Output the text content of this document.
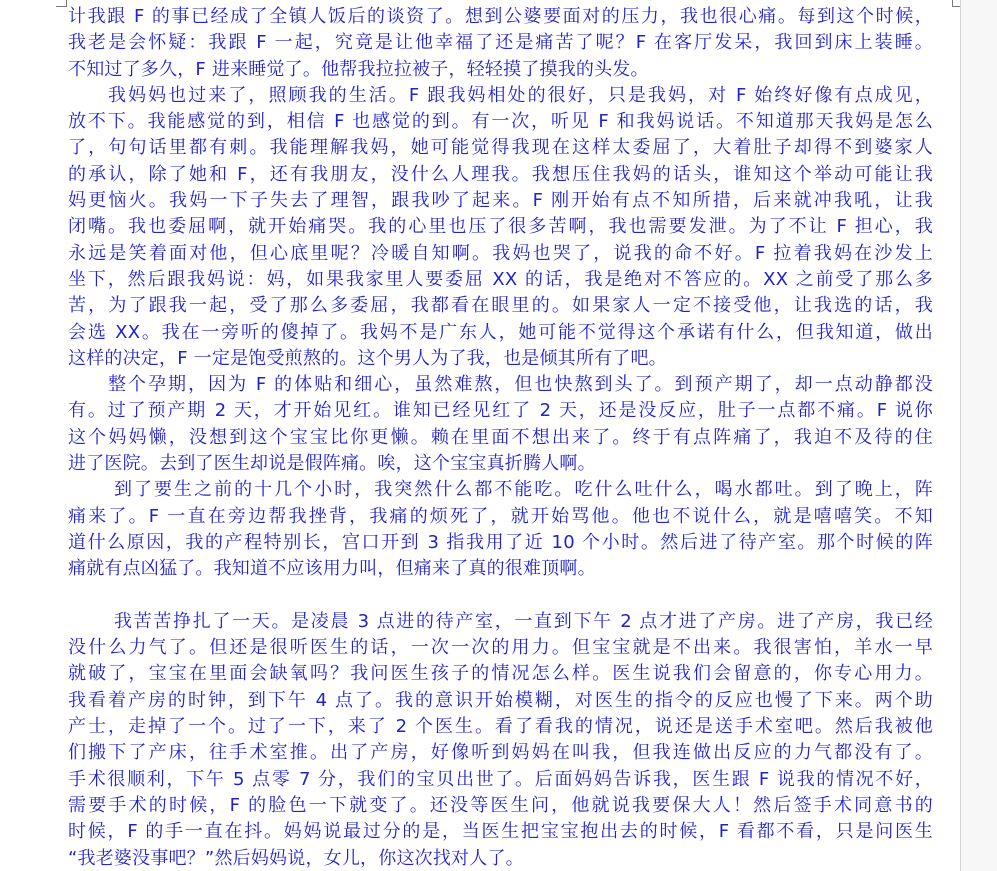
计我跟 F 的事已经成了全镇人饭后的谈资了。想到公婆要面对的压力，我也很心痛。每到这个时候，
我老是会怀疑：我跟 F 一起，究竟是让他幸福了还是痛苦了呢？F 在客厅发呆，我回到床上装睡。
不知过了多久，F 进来睡觉了。他帮我拉拉被子，轻轻摸了摸我的头发。
我妈妈也过来了，照顾我的生活。F 跟我妈相处的很好，只是我妈，对 F 始终好像有点成见，
放不下。我能感觉的到，相信 F 也感觉的到。有一次，听见 F 和我妈说话。不知道那天我妈是怎么
了，句句话里都有刺。我能理解我妈，她可能觉得我现在这样太委屈了，大着肚子却得不到婆家人
的承认，除了她和 F，还有我朋友，没什么人理我。我想压住我妈的话头，谁知这个举动可能让我
妈更恼火。我妈一下子失去了理智，跟我吵了起来。F 刚开始有点不知所措，后来就冲我吼，让我
闭嘴。我也委屈啊，就开始痛哭。我的心里也压了很多苦啊，我也需要发泄。为了不让 F 担心，我
永远是笑着面对他，但心底里呢？冷暖自知啊。我妈也哭了，说我的命不好。F 拉着我妈在沙发上
坐下，然后跟我妈说：妈，如果我家里人要委屈 XX 的话，我是绝对不答应的。XX 之前受了那么多
苦，为了跟我一起，受了那么多委屈，我都看在眼里的。如果家人一定不接受他，让我选的话，我
会选 XX。我在一旁听的傻掉了。我妈不是广东人，她可能不觉得这个承诺有什么，但我知道，做出
这样的决定，F 一定是饱受煎熬的。这个男人为了我，也是倾其所有了吧。
整个孕期，因为 F 的体贴和细心，虽然难熬，但也快熬到头了。到预产期了，却一点动静都没
有。过了预产期 2 天，才开始见红。谁知已经见红了 2 天，还是没反应，肚子一点都不痛。F 说你
这个妈妈懒，没想到这个宝宝比你更懒。赖在里面不想出来了。终于有点阵痛了，我迫不及待的住
进了医院。去到了医生却说是假阵痛。唉，这个宝宝真折腾人啊。
到了要生之前的十几个小时，我突然什么都不能吃。吃什么吐什么，喝水都吐。到了晚上，阵
痛来了。F 一直在旁边帮我挫背，我痛的烦死了，就开始骂他。他也不说什么，就是嘻嘻笑。不知
道什么原因，我的产程特别长，宫口开到 3 指我用了近 10 个小时。然后进了待产室。那个时候的阵
痛就有点凶猛了。我知道不应该用力叫，但痛来了真的很难顶啊。
我苦苦挣扎了一天。是凌晨 3 点进的待产室，一直到下午 2 点才进了产房。进了产房，我已经
没什么力气了。但还是很听医生的话，一次一次的用力。但宝宝就是不出来。我很害怕，羊水一早
就破了，宝宝在里面会缺氧吗？我问医生孩子的情况怎么样。医生说我们会留意的，你专心用力。
我看着产房的时钟，到下午 4 点了。我的意识开始模糊，对医生的指令的反应也慢了下来。两个助
产士，走掉了一个。过了一下，来了 2 个医生。看了看我的情况，说还是送手术室吧。然后我被他
们搬下了产床，往手术室推。出了产房，好像听到妈妈在叫我，但我连做出反应的力气都没有了。
手术很顺利，下午 5 点零 7 分，我们的宝贝出世了。后面妈妈告诉我，医生跟 F 说我的情况不好，
需要手术的时候，F 的脸色一下就变了。还没等医生问，他就说我要保大人！然后签手术同意书的
时候，F 的手一直在抖。妈妈说最过分的是，当医生把宝宝抱出去的时候，F 看都不看，只是问医生
“我老婆没事吧？”然后妈妈说，女儿，你这次找对人了。
